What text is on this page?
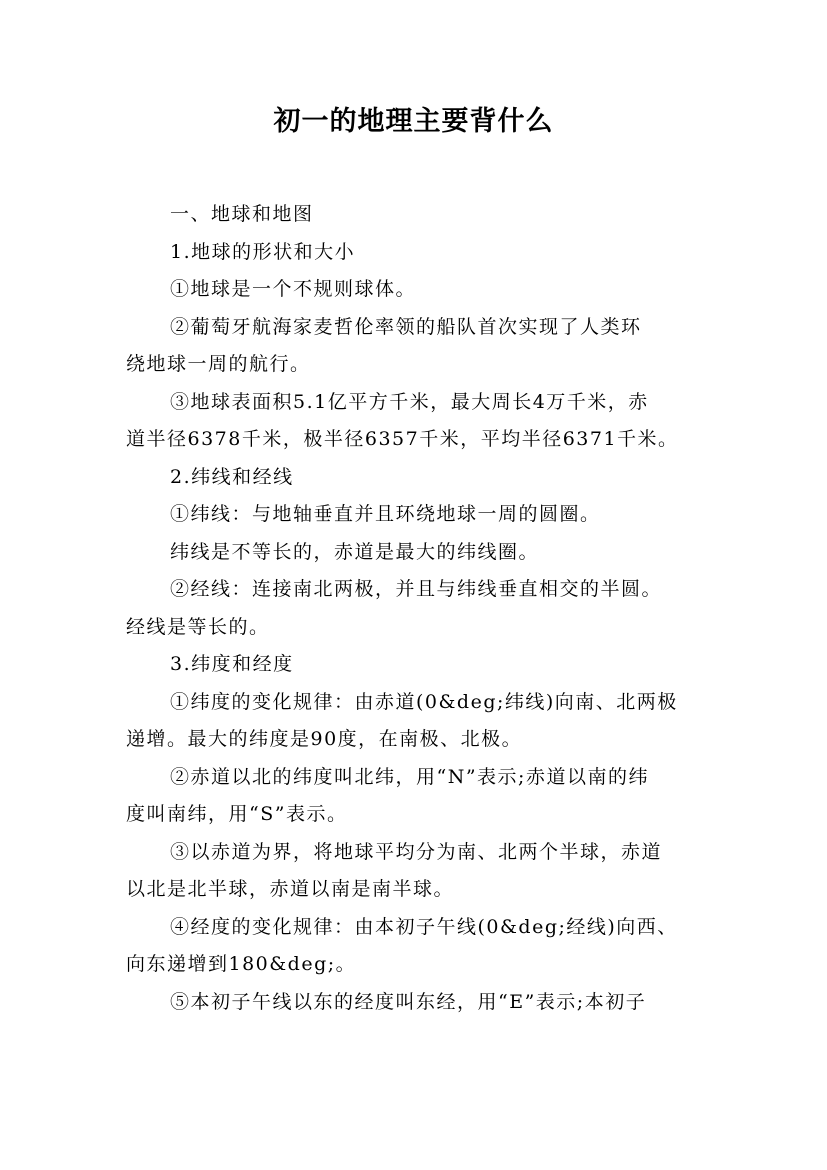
初一的地理主要背什么
一、地球和地图
1.地球的形状和大小
①地球是一个不规则球体。
②葡萄牙航海家麦哲伦率领的船队首次实现了人类环
绕地球一周的航行。
③地球表面积5.1亿平方千米，最大周长4万千米，赤
道半径6378千米，极半径6357千米，平均半径6371千米。
2.纬线和经线
①纬线：与地轴垂直并且环绕地球一周的圆圈。
纬线是不等长的，赤道是最大的纬线圈。
②经线：连接南北两极，并且与纬线垂直相交的半圆。
经线是等长的。
3.纬度和经度
①纬度的变化规律：由赤道(0&deg;纬线)向南、北两极
递增。最大的纬度是90度，在南极、北极。
②赤道以北的纬度叫北纬，用“N”表示;赤道以南的纬
度叫南纬，用“S”表示。
③以赤道为界，将地球平均分为南、北两个半球，赤道
以北是北半球，赤道以南是南半球。
④经度的变化规律：由本初子午线(0&deg;经线)向西、
向东递增到180&deg;。
⑤本初子午线以东的经度叫东经，用“E”表示;本初子
